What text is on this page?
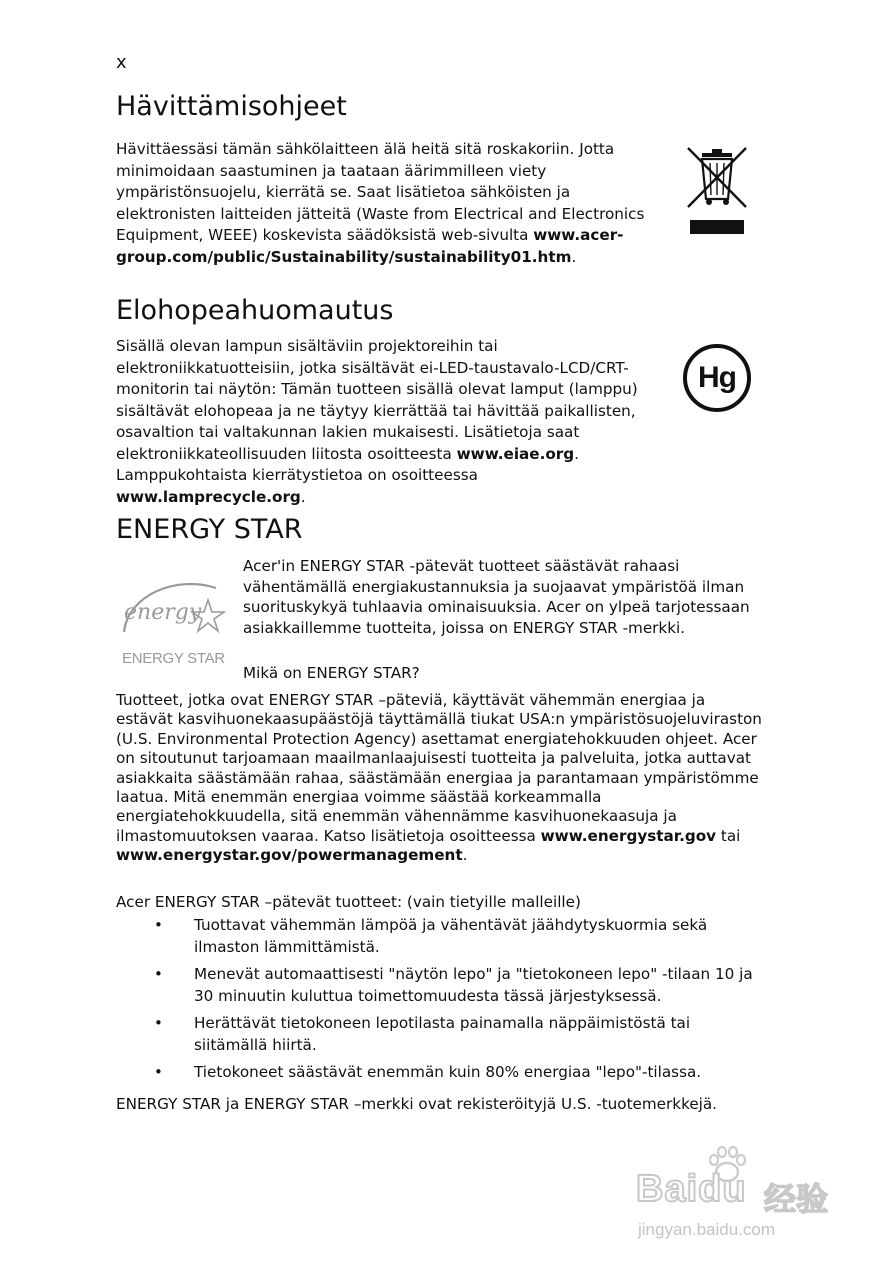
x
Hävittämisohjeet

Hävittäessäsi tämän sähkölaitteen älä heitä sitä roskakoriin. Jotta minimoidaan saastuminen ja taataan äärimmilleen viety ympäristönsuojelu, kierrätä se. Saat lisätietoa sähköisten ja elektronisten laitteiden jätteitä (Waste from Electrical and Electronics Equipment, WEEE) koskevista säädöksistä web-sivulta www.acer-group.com/public/Sustainability/sustainability01.htm.

Elohopeahuomautus

Sisällä olevan lampun sisältäviin projektoreihin tai elektroniikkatuotteisiin, jotka sisältävät ei-LED-taustavalo-LCD/CRT-monitorin tai näytön: Tämän tuotteen sisällä olevat lamput (lamppu) sisältävät elohopeaa ja ne täytyy kierrättää tai hävittää paikallisten, osavaltion tai valtakunnan lakien mukaisesti. Lisätietoja saat elektroniikkateollisuuden liitosta osoitteesta www.eiae.org. Lamppukohtaista kierrätystietoa on osoitteessa www.lamprecycle.org.

Hg
ENERGY STAR
energy
ENERGY STAR

Acer'in ENERGY STAR -pätevät tuotteet säästävät rahaasi vähentämällä energiakustannuksia ja suojaavat ympäristöä ilman suorituskykyä tuhlaavia ominaisuuksia. Acer on ylpeä tarjotessaan asiakkaillemme tuotteita, joissa on ENERGY STAR -merkki.

Mikä on ENERGY STAR?

Tuotteet, jotka ovat ENERGY STAR –päteviä, käyttävät vähemmän energiaa ja estävät kasvihuonekaasupäästöjä täyttämällä tiukat USA:n ympäristösuojeluviraston (U.S. Environmental Protection Agency) asettamat energiatehokkuuden ohjeet. Acer on sitoutunut tarjoamaan maailmanlaajuisesti tuotteita ja palveluita, jotka auttavat asiakkaita säästämään rahaa, säästämään energiaa ja parantamaan ympäristömme laatua. Mitä enemmän energiaa voimme säästää korkeammalla energiatehokkuudella, sitä enemmän vähennämme kasvihuonekaasuja ja ilmastomuutoksen vaaraa. Katso lisätietoja osoitteessa www.energystar.gov tai www.energystar.gov/powermanagement.

Acer ENERGY STAR –pätevät tuotteet: (vain tietyille malleille)

• Tuottavat vähemmän lämpöä ja vähentävät jäähdytyskuormia sekä ilmaston lämmittämistä.
• Menevät automaattisesti "näytön lepo" ja "tietokoneen lepo" -tilaan 10 ja 30 minuutin kuluttua toimettomuudesta tässä järjestyksessä.
• Herättävät tietokoneen lepotilasta painamalla näppäimistöstä tai siitämällä hiirtä.
• Tietokoneet säästävät enemmän kuin 80% energiaa "lepo"-tilassa.

ENERGY STAR ja ENERGY STAR –merkki ovat rekisteröityjä U.S. -tuotemerkkejä.

Baidu 经验
jingyan.baidu.com
